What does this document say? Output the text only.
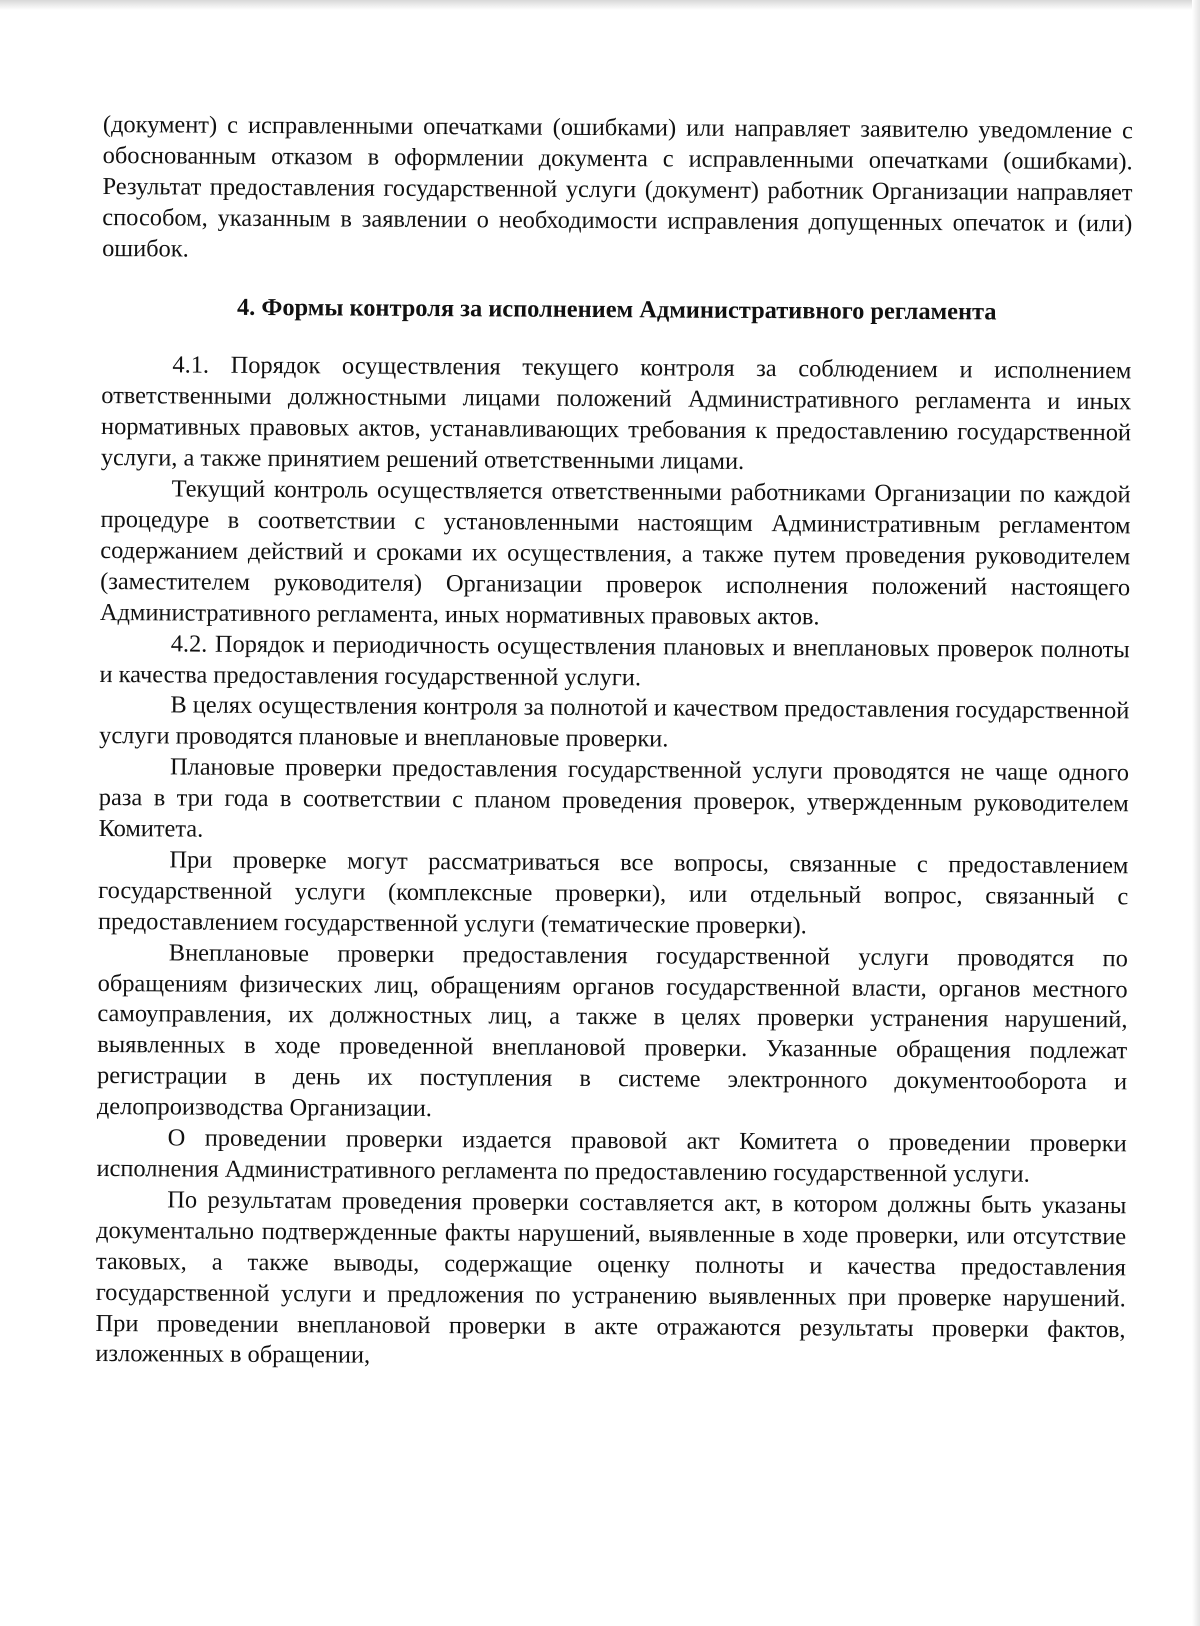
(документ) с исправленными опечатками (ошибками) или направляет заявителю уведомление с обоснованным отказом в оформлении документа с исправленными опечатками (ошибками). Результат предоставления государственной услуги (документ) работник Организации направляет способом, указанным в заявлении о необходимости исправления допущенных опечаток и (или) ошибок.

4. Формы контроля за исполнением Административного регламента

4.1. Порядок осуществления текущего контроля за соблюдением и исполнением ответственными должностными лицами положений Административного регламента и иных нормативных правовых актов, устанавливающих требования к предоставлению государственной услуги, а также принятием решений ответственными лицами.

Текущий контроль осуществляется ответственными работниками Организации по каждой процедуре в соответствии с установленными настоящим Административным регламентом содержанием действий и сроками их осуществления, а также путем проведения руководителем (заместителем руководителя) Организации проверок исполнения положений настоящего Административного регламента, иных нормативных правовых актов.

4.2. Порядок и периодичность осуществления плановых и внеплановых проверок полноты и качества предоставления государственной услуги.

В целях осуществления контроля за полнотой и качеством предоставления государственной услуги проводятся плановые и внеплановые проверки.

Плановые проверки предоставления государственной услуги проводятся не чаще одного раза в три года в соответствии с планом проведения проверок, утвержденным руководителем Комитета.

При проверке могут рассматриваться все вопросы, связанные с предоставлением государственной услуги (комплексные проверки), или отдельный вопрос, связанный с предоставлением государственной услуги (тематические проверки).

Внеплановые проверки предоставления государственной услуги проводятся по обращениям физических лиц, обращениям органов государственной власти, органов местного самоуправления, их должностных лиц, а также в целях проверки устранения нарушений, выявленных в ходе проведенной внеплановой проверки. Указанные обращения подлежат регистрации в день их поступления в системе электронного документооборота и делопроизводства Организации.

О проведении проверки издается правовой акт Комитета о проведении проверки исполнения Административного регламента по предоставлению государственной услуги.

По результатам проведения проверки составляется акт, в котором должны быть указаны документально подтвержденные факты нарушений, выявленные в ходе проверки, или отсутствие таковых, а также выводы, содержащие оценку полноты и качества предоставления государственной услуги и предложения по устранению выявленных при проверке нарушений. При проведении внеплановой проверки в акте отражаются результаты проверки фактов, изложенных в обращении,
